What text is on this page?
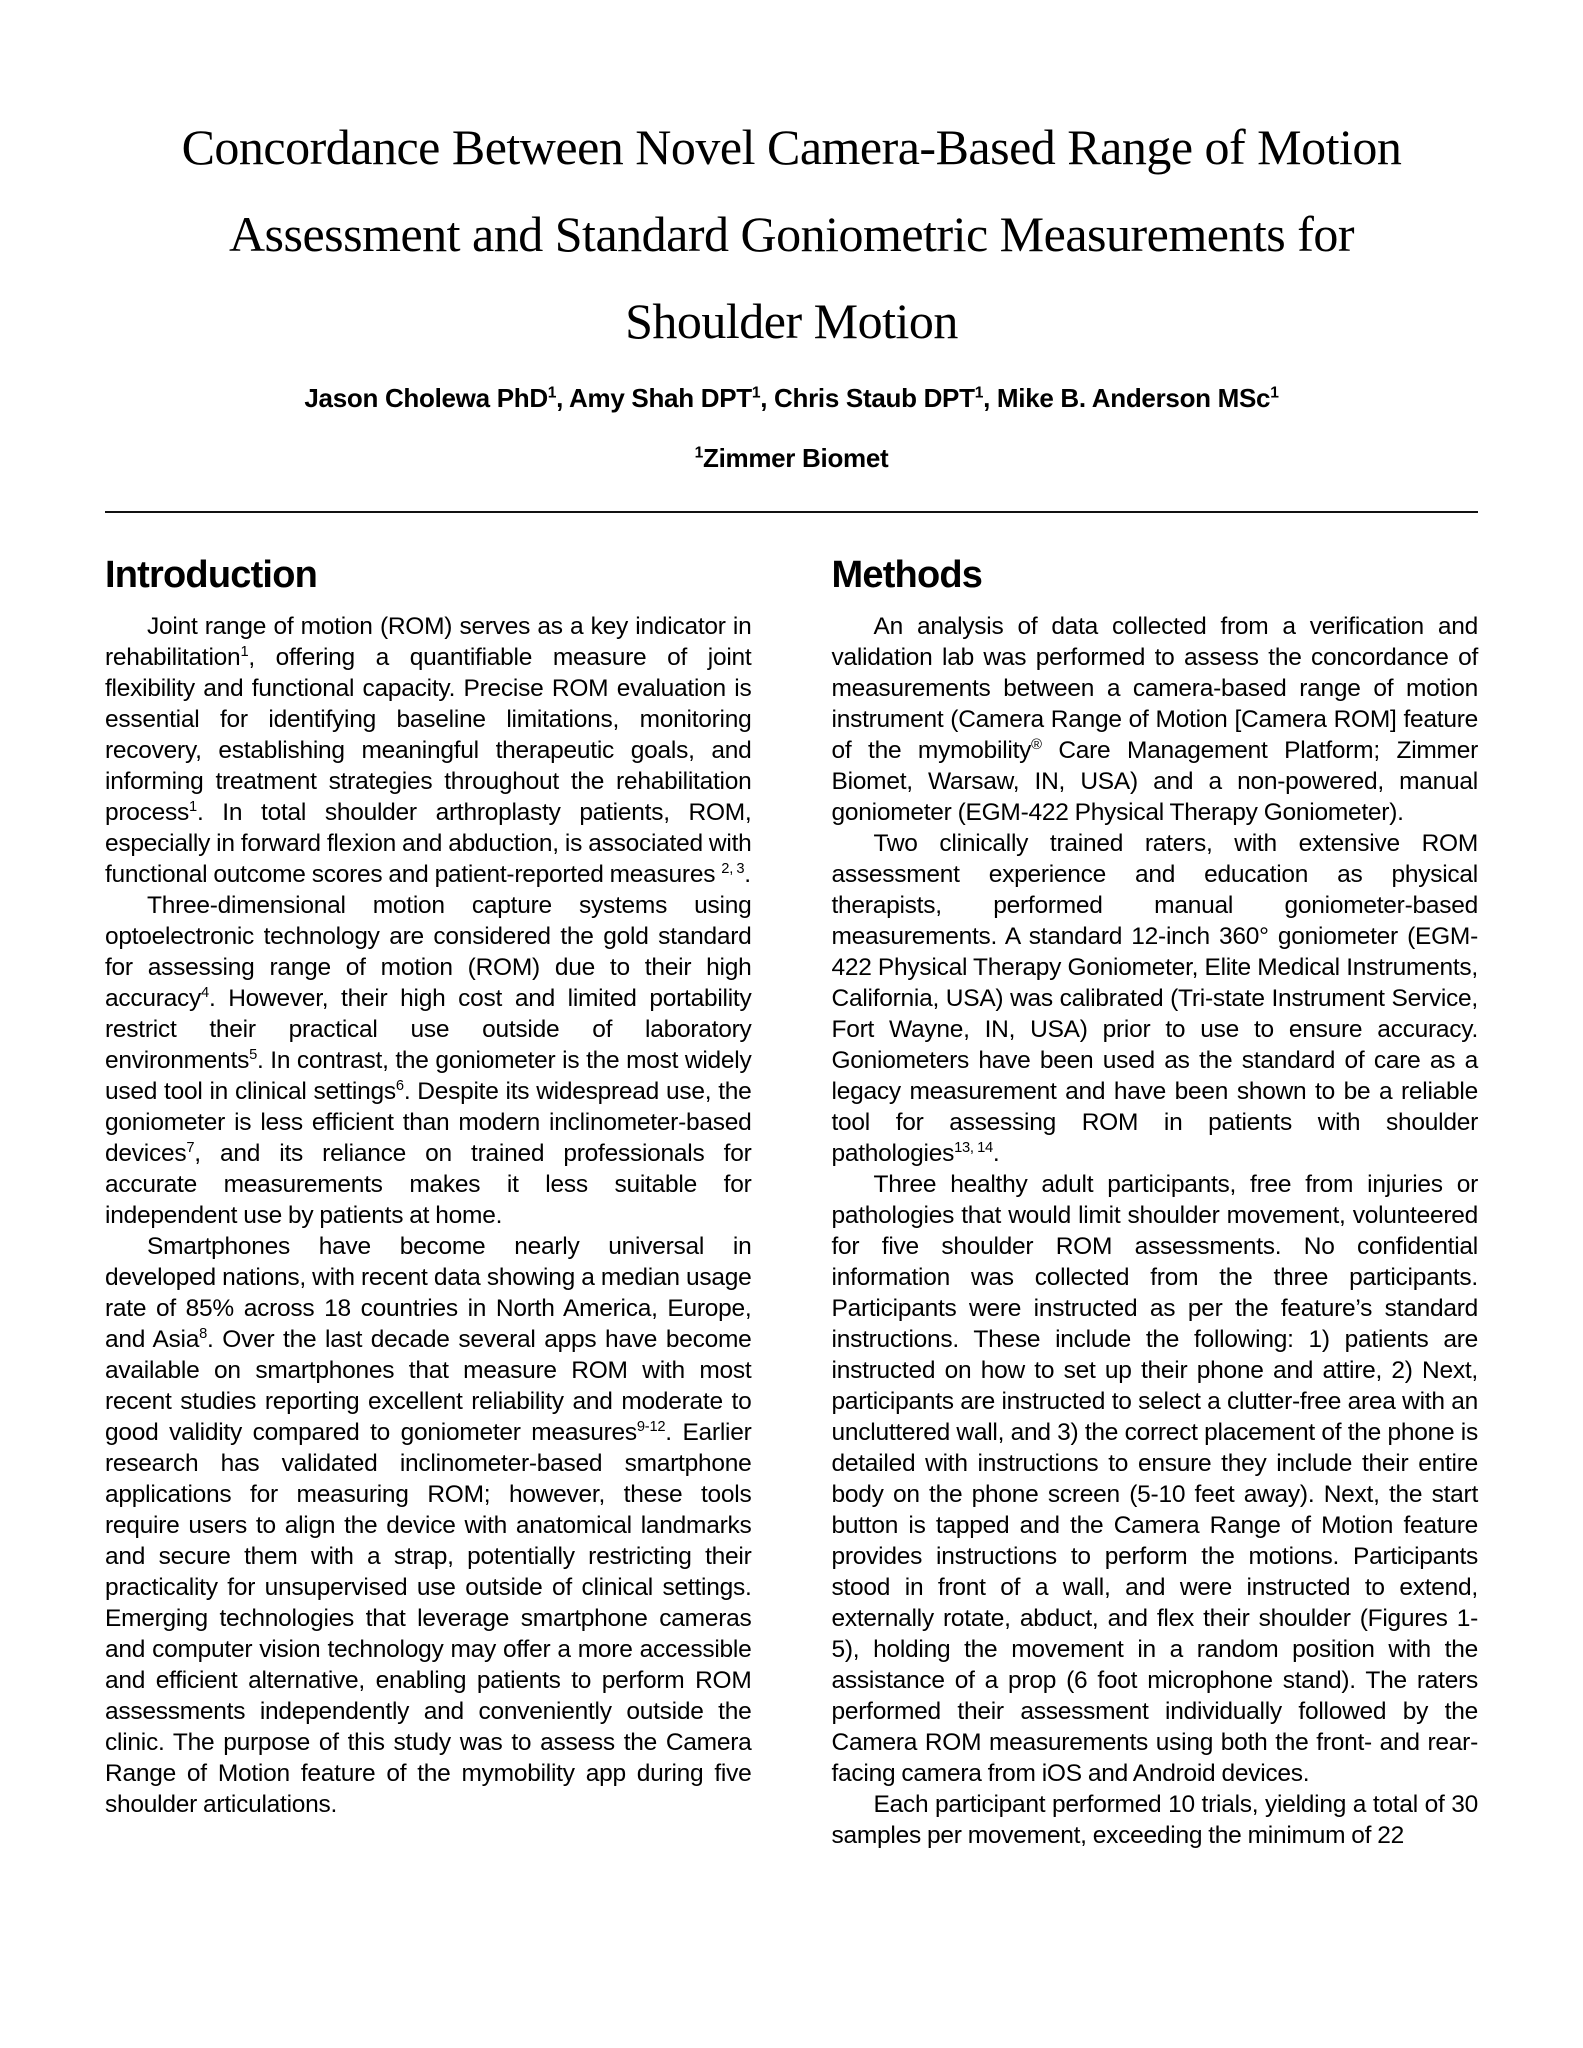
Concordance Between Novel Camera-Based Range of Motion
Assessment and Standard Goniometric Measurements for
Shoulder Motion
Jason Cholewa PhD$^1$, Amy Shah DPT$^1$, Chris Staub DPT$^1$, Mike B. Anderson MSc$^1$
$^1$Zimmer Biomet
Introduction

Joint range of motion (ROM) serves as a key indicator in rehabilitation$^1$, offering a quantifiable measure of joint flexibility and functional capacity. Precise ROM evaluation is essential for identifying baseline limitations, monitoring recovery, establishing meaningful therapeutic goals, and informing treatment strategies throughout the rehabilitation process$^1$. In total shoulder arthroplasty patients, ROM, especially in forward flexion and abduction, is associated with functional outcome scores and patient-reported measures $^{2, 3}$.

Three-dimensional motion capture systems using optoelectronic technology are considered the gold standard for assessing range of motion (ROM) due to their high accuracy$^4$. However, their high cost and limited portability restrict their practical use outside of laboratory environments$^5$. In contrast, the goniometer is the most widely used tool in clinical settings$^6$. Despite its widespread use, the goniometer is less efficient than modern inclinometer-based devices$^7$, and its reliance on trained professionals for accurate measurements makes it less suitable for independent use by patients at home.

Smartphones have become nearly universal in developed nations, with recent data showing a median usage rate of 85% across 18 countries in North America, Europe, and Asia$^8$. Over the last decade several apps have become available on smartphones that measure ROM with most recent studies reporting excellent reliability and moderate to good validity compared to goniometer measures$^{9-12}$. Earlier research has validated inclinometer-based smartphone applications for measuring ROM; however, these tools require users to align the device with anatomical landmarks and secure them with a strap, potentially restricting their practicality for unsupervised use outside of clinical settings. Emerging technologies that leverage smartphone cameras and computer vision technology may offer a more accessible and efficient alternative, enabling patients to perform ROM assessments independently and conveniently outside the clinic. The purpose of this study was to assess the Camera Range of Motion feature of the mymobility app during five shoulder articulations.

Methods

An analysis of data collected from a verification and validation lab was performed to assess the concordance of measurements between a camera-based range of motion instrument (Camera Range of Motion [Camera ROM] feature of the mymobility® Care Management Platform; Zimmer Biomet, Warsaw, IN, USA) and a non-powered, manual goniometer (EGM-422 Physical Therapy Goniometer).

Two clinically trained raters, with extensive ROM assessment experience and education as physical therapists, performed manual goniometer-based measurements. A standard 12-inch 360° goniometer (EGM-422 Physical Therapy Goniometer, Elite Medical Instruments, California, USA) was calibrated (Tri-state Instrument Service, Fort Wayne, IN, USA) prior to use to ensure accuracy. Goniometers have been used as the standard of care as a legacy measurement and have been shown to be a reliable tool for assessing ROM in patients with shoulder pathologies$^{13, 14}$.

Three healthy adult participants, free from injuries or pathologies that would limit shoulder movement, volunteered for five shoulder ROM assessments. No confidential information was collected from the three participants. Participants were instructed as per the feature’s standard instructions. These include the following: 1) patients are instructed on how to set up their phone and attire, 2) Next, participants are instructed to select a clutter-free area with an uncluttered wall, and 3) the correct placement of the phone is detailed with instructions to ensure they include their entire body on the phone screen (5-10 feet away). Next, the start button is tapped and the Camera Range of Motion feature provides instructions to perform the motions. Participants stood in front of a wall, and were instructed to extend, externally rotate, abduct, and flex their shoulder (Figures 1-5), holding the movement in a random position with the assistance of a prop (6 foot microphone stand). The raters performed their assessment individually followed by the Camera ROM measurements using both the front- and rear-facing camera from iOS and Android devices.

Each participant performed 10 trials, yielding a total of 30 samples per movement, exceeding the minimum of 22
